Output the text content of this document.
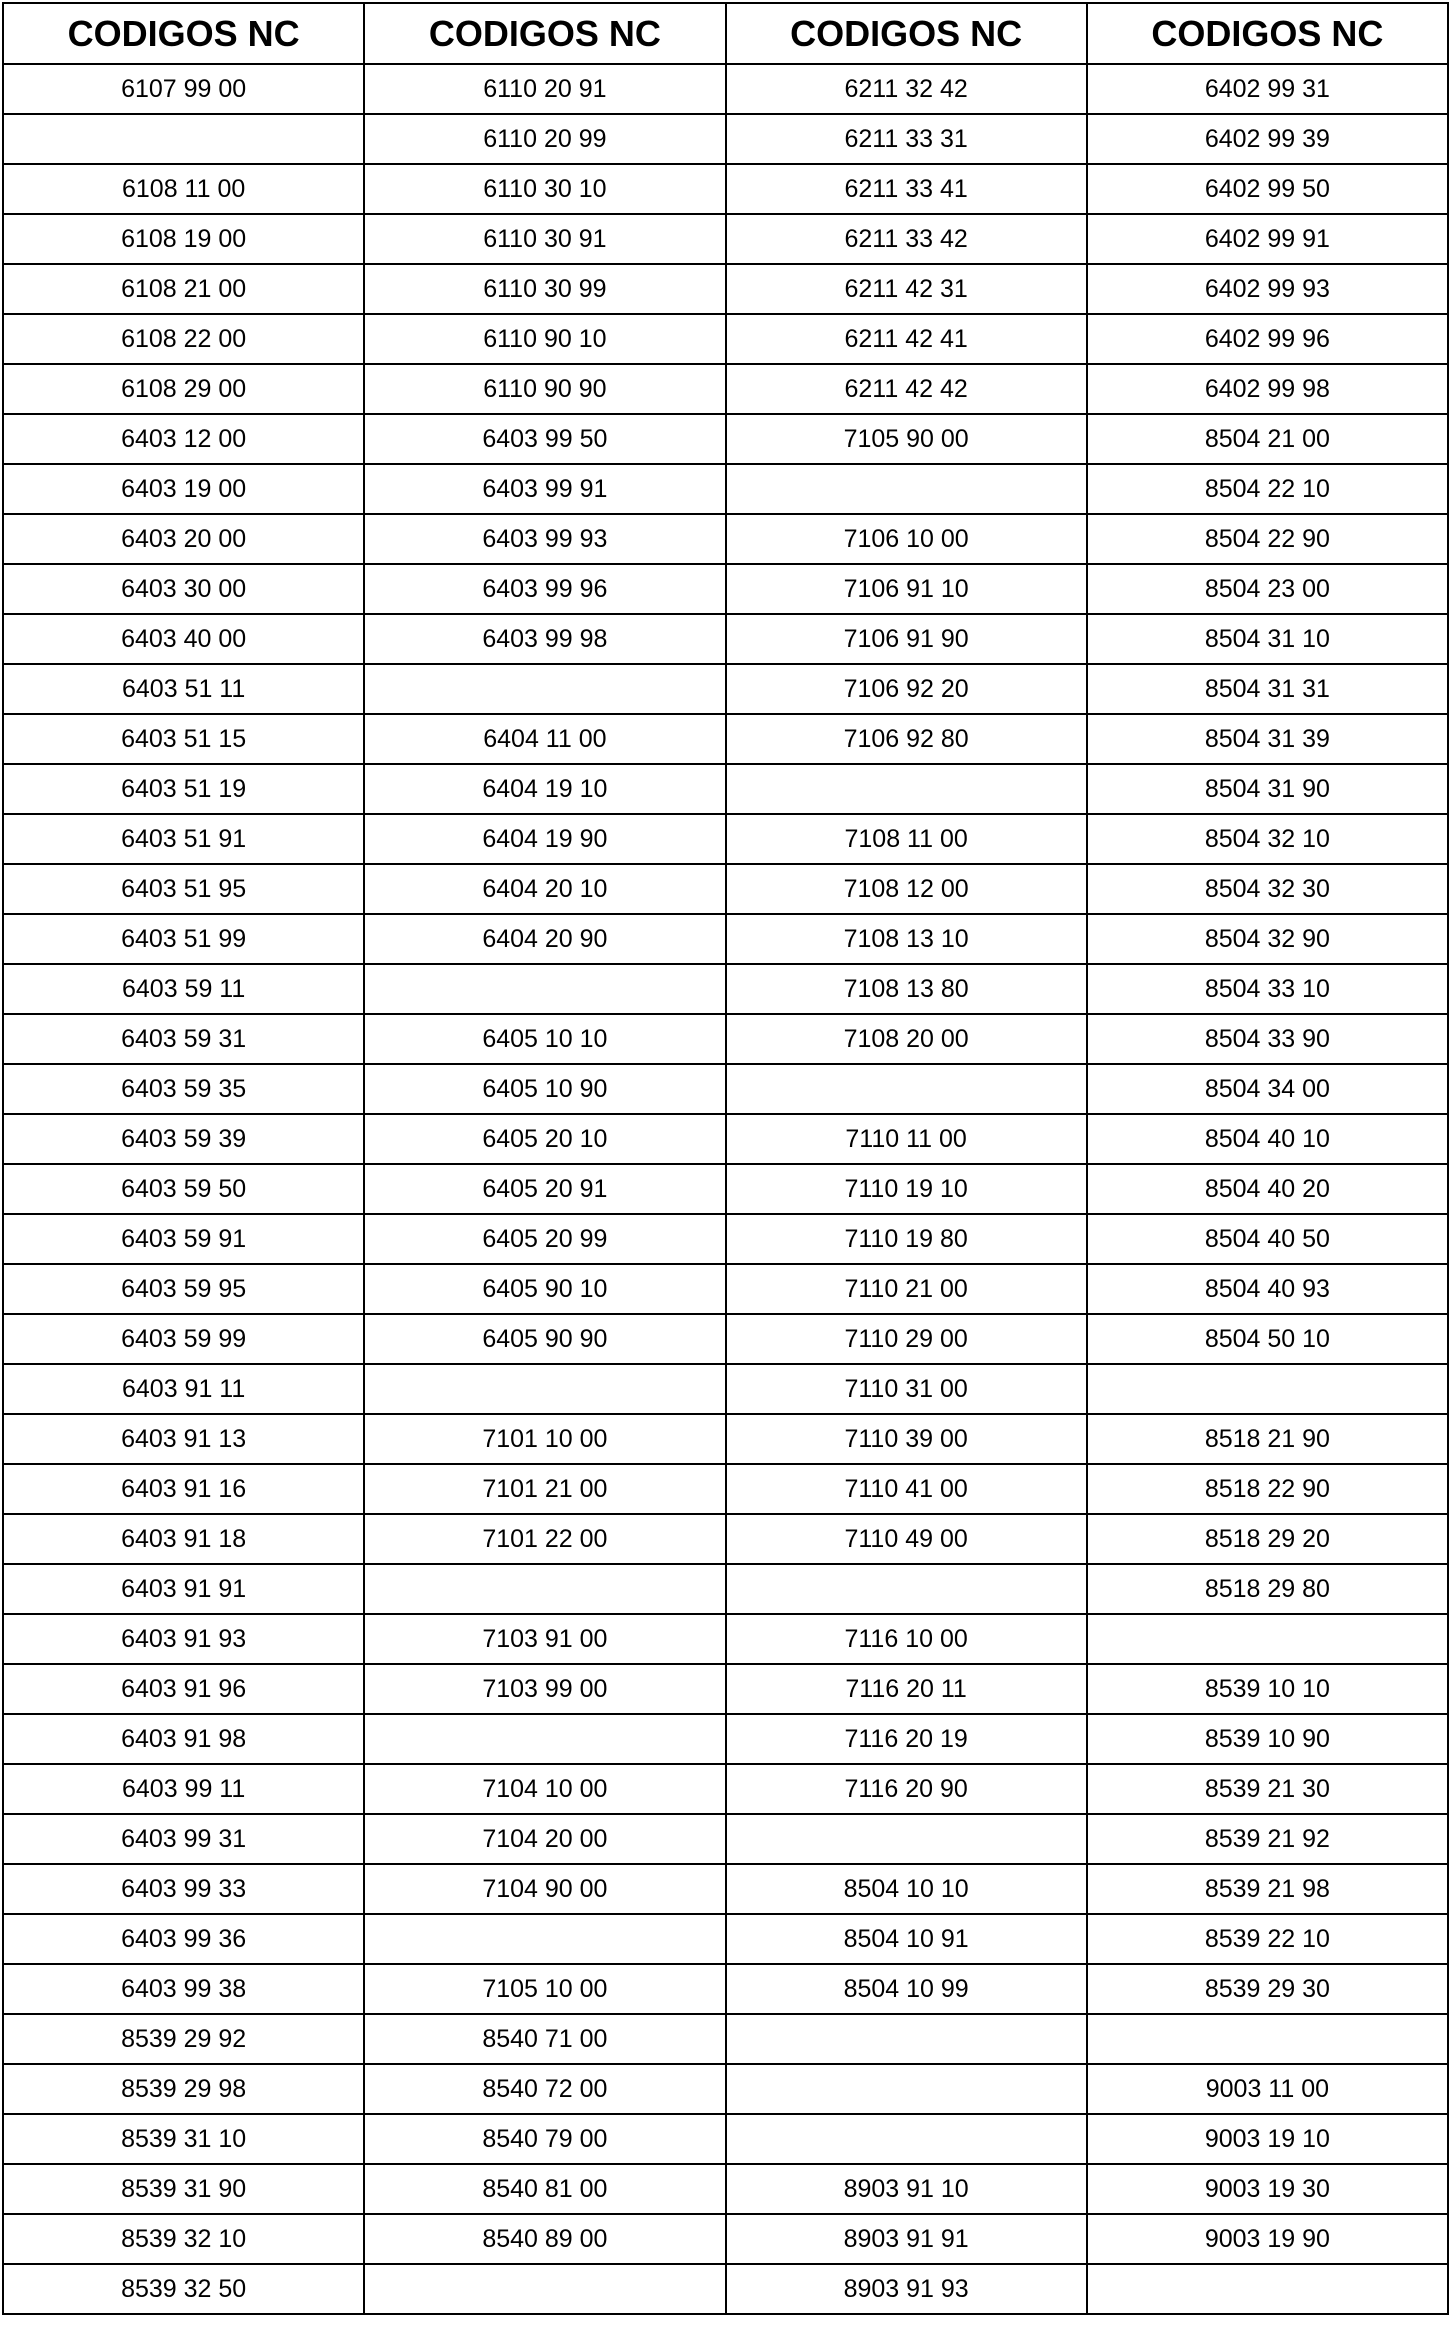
CODIGOS NC	CODIGOS NC	CODIGOS NC	CODIGOS NC
6107 99 00	6110 20 91	6211 32 42	6402 99 31
	6110 20 99	6211 33 31	6402 99 39
6108 11 00	6110 30 10	6211 33 41	6402 99 50
6108 19 00	6110 30 91	6211 33 42	6402 99 91
6108 21 00	6110 30 99	6211 42 31	6402 99 93
6108 22 00	6110 90 10	6211 42 41	6402 99 96
6108 29 00	6110 90 90	6211 42 42	6402 99 98
6403 12 00	6403 99 50	7105 90 00	8504 21 00
6403 19 00	6403 99 91		8504 22 10
6403 20 00	6403 99 93	7106 10 00	8504 22 90
6403 30 00	6403 99 96	7106 91 10	8504 23 00
6403 40 00	6403 99 98	7106 91 90	8504 31 10
6403 51 11		7106 92 20	8504 31 31
6403 51 15	6404 11 00	7106 92 80	8504 31 39
6403 51 19	6404 19 10		8504 31 90
6403 51 91	6404 19 90	7108 11 00	8504 32 10
6403 51 95	6404 20 10	7108 12 00	8504 32 30
6403 51 99	6404 20 90	7108 13 10	8504 32 90
6403 59 11		7108 13 80	8504 33 10
6403 59 31	6405 10 10	7108 20 00	8504 33 90
6403 59 35	6405 10 90		8504 34 00
6403 59 39	6405 20 10	7110 11 00	8504 40 10
6403 59 50	6405 20 91	7110 19 10	8504 40 20
6403 59 91	6405 20 99	7110 19 80	8504 40 50
6403 59 95	6405 90 10	7110 21 00	8504 40 93
6403 59 99	6405 90 90	7110 29 00	8504 50 10
6403 91 11		7110 31 00	
6403 91 13	7101 10 00	7110 39 00	8518 21 90
6403 91 16	7101 21 00	7110 41 00	8518 22 90
6403 91 18	7101 22 00	7110 49 00	8518 29 20
6403 91 91			8518 29 80
6403 91 93	7103 91 00	7116 10 00	
6403 91 96	7103 99 00	7116 20 11	8539 10 10
6403 91 98		7116 20 19	8539 10 90
6403 99 11	7104 10 00	7116 20 90	8539 21 30
6403 99 31	7104 20 00		8539 21 92
6403 99 33	7104 90 00	8504 10 10	8539 21 98
6403 99 36		8504 10 91	8539 22 10
6403 99 38	7105 10 00	8504 10 99	8539 29 30
8539 29 92	8540 71 00		
8539 29 98	8540 72 00		9003 11 00
8539 31 10	8540 79 00		9003 19 10
8539 31 90	8540 81 00	8903 91 10	9003 19 30
8539 32 10	8540 89 00	8903 91 91	9003 19 90
8539 32 50		8903 91 93	
